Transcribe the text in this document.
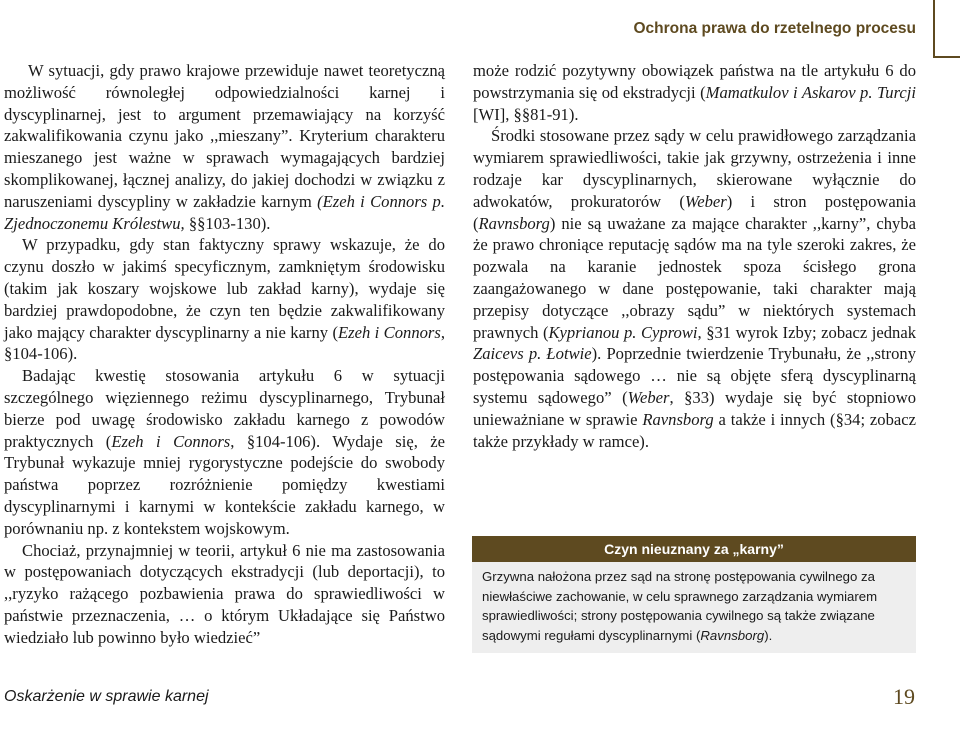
Ochrona prawa do rzetelnego procesu

W sytuacji, gdy prawo krajowe przewiduje nawet teoretyczną możliwość równoległej odpowiedzialności karnej i dyscyplinarnej, jest to argument przemawiający na korzyść zakwalifikowania czynu jako ,,mieszany”. Kryterium charakteru mieszanego jest ważne w sprawach wymagających bardziej skomplikowanej, łącznej analizy, do jakiej dochodzi w związku z naruszeniami dyscypliny w zakładzie karnym (Ezeh i Connors p. Zjednoczonemu Królestwu, §§103-130).

W przypadku, gdy stan faktyczny sprawy wskazuje, że do czynu doszło w jakimś specyficznym, zamkniętym środowisku (takim jak koszary wojskowe lub zakład karny), wydaje się bardziej prawdopodobne, że czyn ten będzie zakwalifikowany jako mający charakter dyscyplinarny a nie karny (Ezeh i Connors, §104-106).

Badając kwestię stosowania artykułu 6 w sytuacji szczególnego więziennego reżimu dyscyplinarnego, Trybunał bierze pod uwagę środowisko zakładu karnego z powodów praktycznych (Ezeh i Connors, §104-106). Wydaje się, że Trybunał wykazuje mniej rygorystyczne podejście do swobody państwa poprzez rozróżnienie pomiędzy kwestiami dyscyplinarnymi i karnymi w kontekście zakładu karnego, w porównaniu np. z kontekstem wojskowym.

Chociaż, przynajmniej w teorii, artykuł 6 nie ma zastosowania w postępowaniach dotyczących ekstradycji (lub deportacji), to ,,ryzyko rażącego pozbawienia prawa do sprawiedliwości w państwie przeznaczenia, … o którym Układające się Państwo wiedziało lub powinno było wiedzieć”

może rodzić pozytywny obowiązek państwa na tle artykułu 6 do powstrzymania się od ekstradycji (Mamatkulov i Askarov p. Turcji [WI], §§81-91).

Środki stosowane przez sądy w celu prawidłowego zarządzania wymiarem sprawiedliwości, takie jak grzywny, ostrzeżenia i inne rodzaje kar dyscyplinarnych, skierowane wyłącznie do adwokatów, prokuratorów (Weber) i stron postępowania (Ravnsborg) nie są uważane za mające charakter ,,karny”, chyba że prawo chroniące reputację sądów ma na tyle szeroki zakres, że pozwala na karanie jednostek spoza ścisłego grona zaangażowanego w dane postępowanie, taki charakter mają przepisy dotyczące ,,obrazy sądu” w niektórych systemach prawnych (Kyprianou p. Cyprowi, §31 wyrok Izby; zobacz jednak Zaicevs p. Łotwie). Poprzednie twierdzenie Trybunału, że ,,strony postępowania sądowego … nie są objęte sferą dyscyplinarną systemu sądowego” (Weber, §33) wydaje się być stopniowo unieważniane w sprawie Ravnsborg a także i innych (§34; zobacz także przykłady w ramce).

Czyn nieuznany za „karny”
Grzywna nałożona przez sąd na stronę postępowania cywilnego za niewłaściwe zachowanie, w celu sprawnego zarządzania wymiarem sprawiedliwości; strony postępowania cywilnego są także związane sądowymi regułami dyscyplinarnymi (Ravnsborg).
Oskarżenie w sprawie karnej	19
